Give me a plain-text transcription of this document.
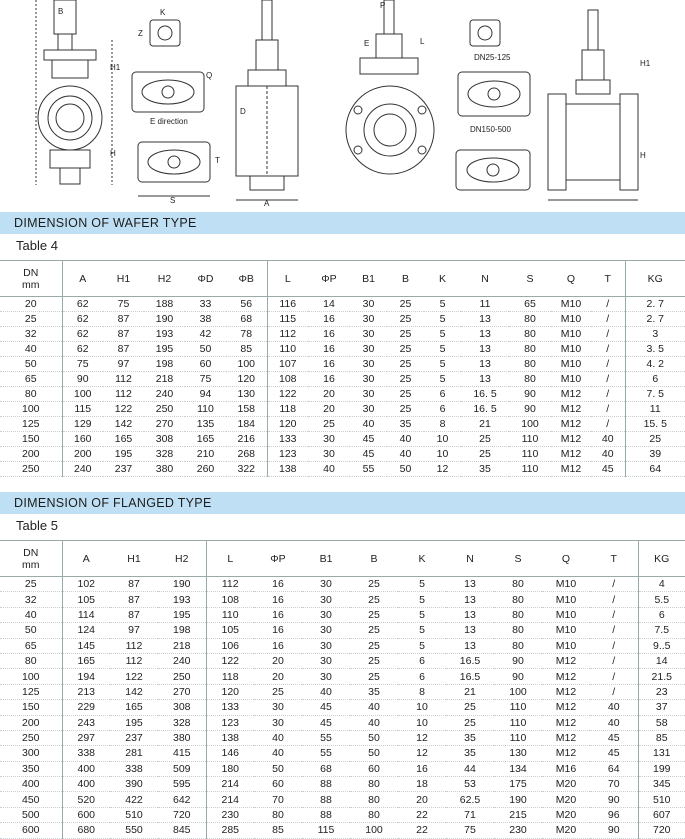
B
H1
H
D
K
Z
Q
E direction
S
T
A
P
E	L
DN25-125
DN150-500
H1
H
DIMENSION OF WAFER TYPE
Table 4
DN
mm	A	H1	H2	ΦD	ΦB	L	ΦP	B1	B	K	N	S	Q	T	KG
20	62	75	188	33	56	116	14	30	25	5	11	65	M10	/	2. 7
25	62	87	190	38	68	115	16	30	25	5	13	80	M10	/	2. 7
32	62	87	193	42	78	112	16	30	25	5	13	80	M10	/	3
40	62	87	195	50	85	110	16	30	25	5	13	80	M10	/	3. 5
50	75	97	198	60	100	107	16	30	25	5	13	80	M10	/	4. 2
65	90	112	218	75	120	108	16	30	25	5	13	80	M10	/	6
80	100	112	240	94	130	122	20	30	25	6	16. 5	90	M12	/	7. 5
100	115	122	250	110	158	118	20	30	25	6	16. 5	90	M12	/	11
125	129	142	270	135	184	120	25	40	35	8	21	100	M12	/	15. 5
150	160	165	308	165	216	133	30	45	40	10	25	110	M12	40	25
200	200	195	328	210	268	123	30	45	40	10	25	110	M12	40	39
250	240	237	380	260	322	138	40	55	50	12	35	110	M12	45	64
DIMENSION OF FLANGED TYPE
Table 5
DN
mm	A	H1	H2	L	ΦP	B1	B	K	N	S	Q	T	KG
25	102	87	190	112	16	30	25	5	13	80	M10	/	4
32	105	87	193	108	16	30	25	5	13	80	M10	/	5.5
40	114	87	195	110	16	30	25	5	13	80	M10	/	6
50	124	97	198	105	16	30	25	5	13	80	M10	/	7.5
65	145	112	218	106	16	30	25	5	13	80	M10	/	9..5
80	165	112	240	122	20	30	25	6	16.5	90	M12	/	14
100	194	122	250	118	20	30	25	6	16.5	90	M12	/	21.5
125	213	142	270	120	25	40	35	8	21	100	M12	/	23
150	229	165	308	133	30	45	40	10	25	110	M12	40	37
200	243	195	328	123	30	45	40	10	25	110	M12	40	58
250	297	237	380	138	40	55	50	12	35	110	M12	45	85
300	338	281	415	146	40	55	50	12	35	130	M12	45	131
350	400	338	509	180	50	68	60	16	44	134	M16	64	199
400	400	390	595	214	60	88	80	18	53	175	M20	70	345
450	520	422	642	214	70	88	80	20	62.5	190	M20	90	510
500	600	510	720	230	80	88	80	22	71	215	M20	96	607
600	680	550	845	285	85	115	100	22	75	230	M20	90	720
